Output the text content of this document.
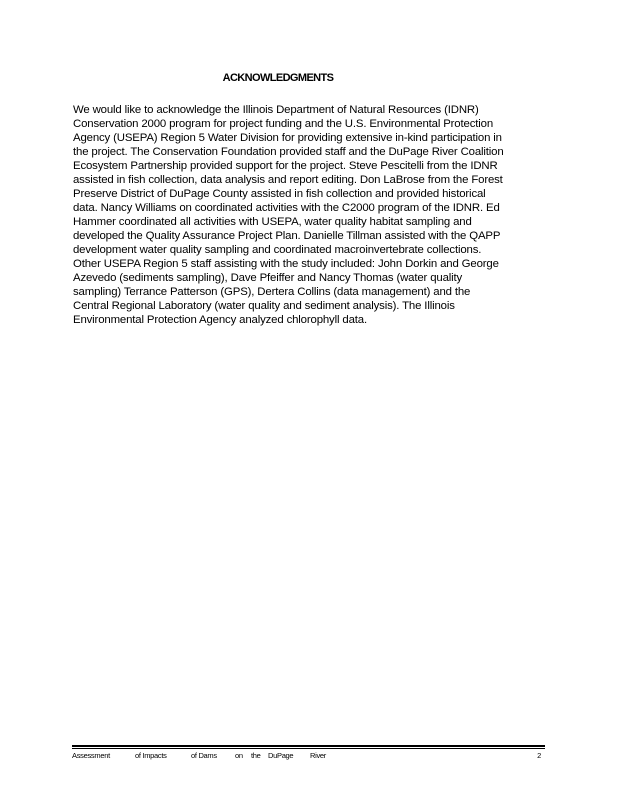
ACKNOWLEDGMENTS
We would like to acknowledge the Illinois Department of Natural Resources (IDNR)
Conservation 2000 program for project funding and the U.S. Environmental Protection
Agency (USEPA) Region 5 Water Division for providing extensive in-kind participation in
the project. The Conservation Foundation provided staff and the DuPage River Coalition
Ecosystem Partnership provided support for the project. Steve Pescitelli from the IDNR
assisted in fish collection, data analysis and report editing. Don LaBrose from the Forest
Preserve District of DuPage County assisted in fish collection and provided historical
data. Nancy Williams on coordinated activities with the C2000 program of the IDNR. Ed
Hammer coordinated all activities with USEPA, water quality habitat sampling and
developed the Quality Assurance Project Plan. Danielle Tillman assisted with the QAPP
development water quality sampling and coordinated macroinvertebrate collections.
Other USEPA Region 5 staff assisting with the study included: John Dorkin and George
Azevedo (sediments sampling), Dave Pfeiffer and Nancy Thomas (water quality
sampling) Terrance Patterson (GPS), Dertera Collins (data management) and the
Central Regional Laboratory (water quality and sediment analysis). The Illinois
Environmental Protection Agency analyzed chlorophyll data.
Assessment	of Impacts	of Dams on the DuPage River	2
